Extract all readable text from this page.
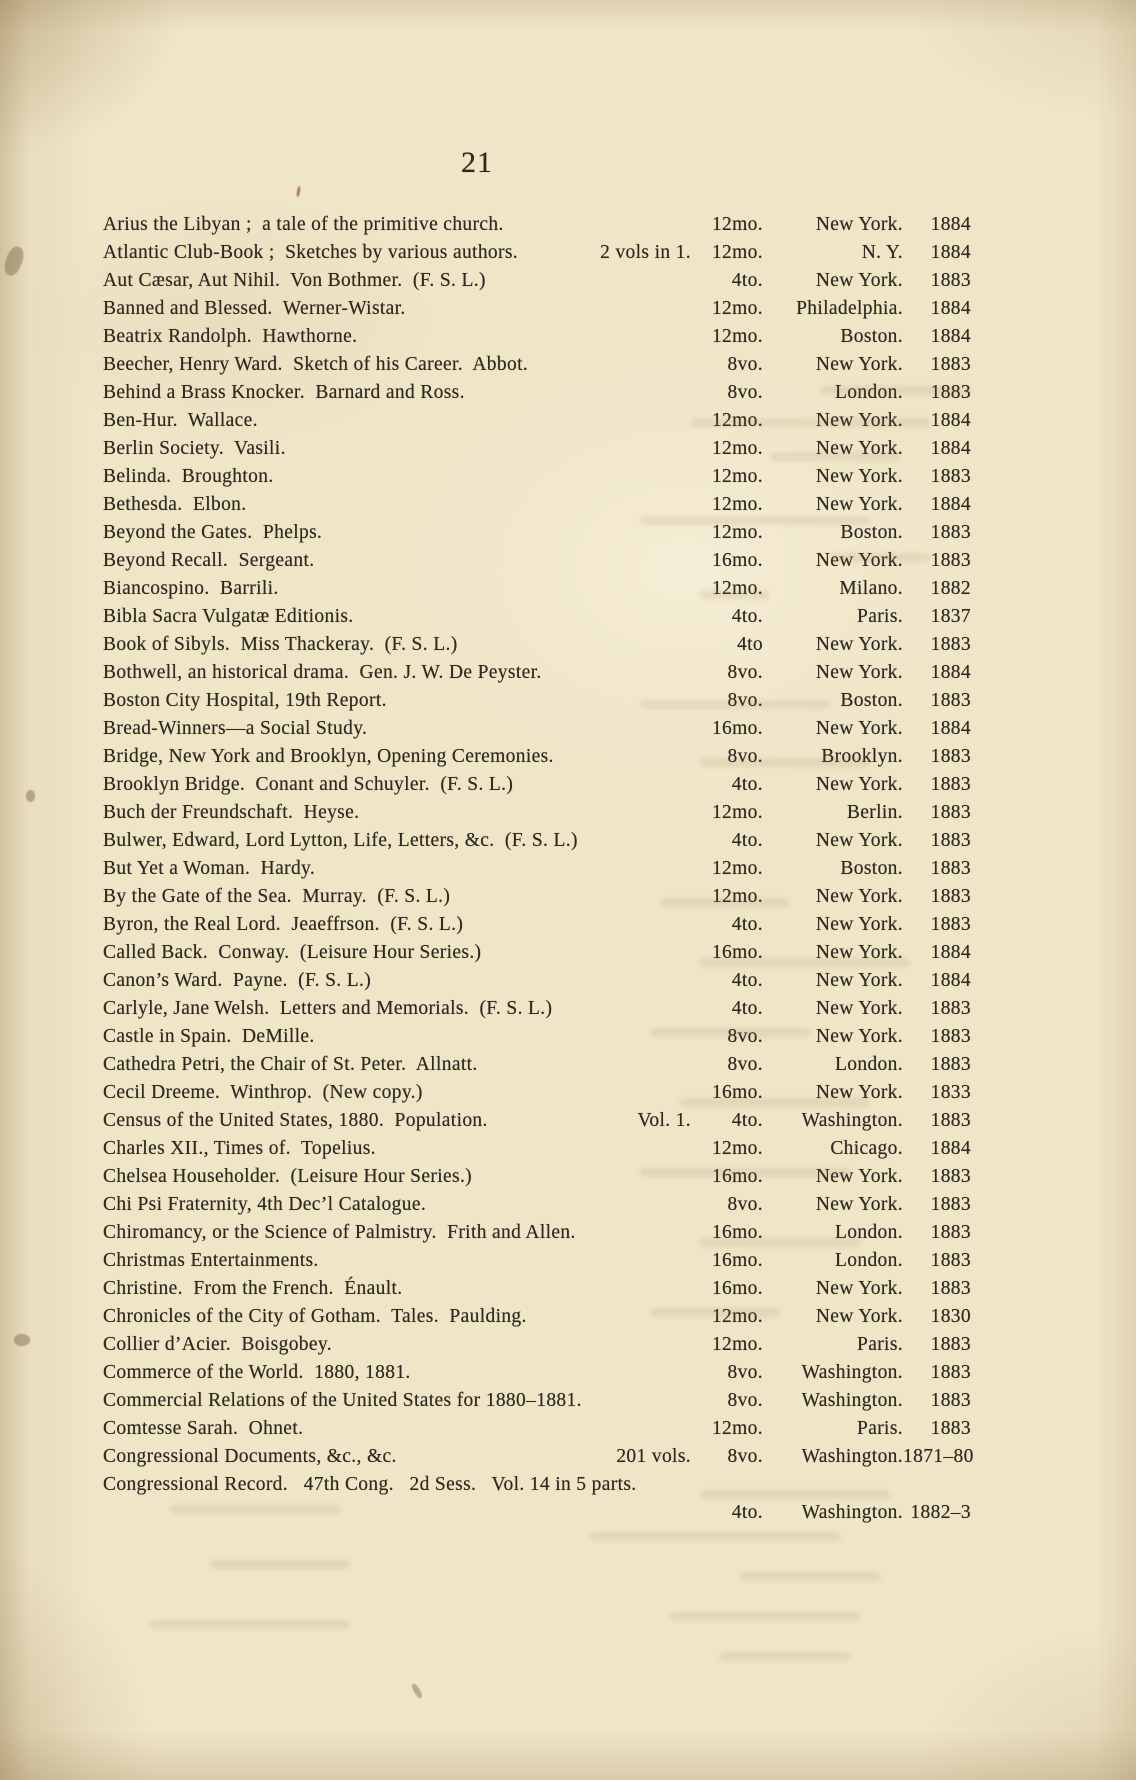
21
Arius the Libyan ;  a tale of the primitive church.	12mo.	New York.	1884
Atlantic Club-Book ;  Sketches by various authors.	2 vols in 1.	12mo.	N. Y.	1884
Aut Cæsar, Aut Nihil.  Von Bothmer.  (F. S. L.)	4to.	New York.	1883
Banned and Blessed.  Werner-Wistar.	12mo.	Philadelphia.	1884
Beatrix Randolph.  Hawthorne.	12mo.	Boston.	1884
Beecher, Henry Ward.  Sketch of his Career.  Abbot.	8vo.	New York.	1883
Behind a Brass Knocker.  Barnard and Ross.	8vo.	London.	1883
Ben-Hur.  Wallace.	12mo.	New York.	1884
Berlin Society.  Vasili.	12mo.	New York.	1884
Belinda.  Broughton.	12mo.	New York.	1883
Bethesda.  Elbon.	12mo.	New York.	1884
Beyond the Gates.  Phelps.	12mo.	Boston.	1883
Beyond Recall.  Sergeant.	16mo.	New York.	1883
Biancospino.  Barrili.	12mo.	Milano.	1882
Bibla Sacra Vulgatæ Editionis.	4to.	Paris.	1837
Book of Sibyls.  Miss Thackeray.  (F. S. L.)	4to	New York.	1883
Bothwell, an historical drama.  Gen. J. W. De Peyster.	8vo.	New York.	1884
Boston City Hospital, 19th Report.	8vo.	Boston.	1883
Bread-Winners—a Social Study.	16mo.	New York.	1884
Bridge, New York and Brooklyn, Opening Ceremonies.	8vo.	Brooklyn.	1883
Brooklyn Bridge.  Conant and Schuyler.  (F. S. L.)	4to.	New York.	1883
Buch der Freundschaft.  Heyse.	12mo.	Berlin.	1883
Bulwer, Edward, Lord Lytton, Life, Letters, &c.  (F. S. L.)	4to.	New York.	1883
But Yet a Woman.  Hardy.	12mo.	Boston.	1883
By the Gate of the Sea.  Murray.  (F. S. L.)	12mo.	New York.	1883
Byron, the Real Lord.  Jeaeffrson.  (F. S. L.)	4to.	New York.	1883
Called Back.  Conway.  (Leisure Hour Series.)	16mo.	New York.	1884
Canon’s Ward.  Payne.  (F. S. L.)	4to.	New York.	1884
Carlyle, Jane Welsh.  Letters and Memorials.  (F. S. L.)	4to.	New York.	1883
Castle in Spain.  DeMille.	8vo.	New York.	1883
Cathedra Petri, the Chair of St. Peter.  Allnatt.	8vo.	London.	1883
Cecil Dreeme.  Winthrop.  (New copy.)	16mo.	New York.	1833
Census of the United States, 1880.  Population.	Vol. 1.	4to.	Washington.	1883
Charles XII., Times of.  Topelius.	12mo.	Chicago.	1884
Chelsea Householder.  (Leisure Hour Series.)	16mo.	New York.	1883
Chi Psi Fraternity, 4th Dec’l Catalogue.	8vo.	New York.	1883
Chiromancy, or the Science of Palmistry.  Frith and Allen.	16mo.	London.	1883
Christmas Entertainments.	16mo.	London.	1883
Christine.  From the French.  Énault.	16mo.	New York.	1883
Chronicles of the City of Gotham.  Tales.  Paulding.	12mo.	New York.	1830
Collier d’Acier.  Boisgobey.	12mo.	Paris.	1883
Commerce of the World.  1880, 1881.	8vo.	Washington.	1883
Commercial Relations of the United States for 1880–1881.	8vo.	Washington.	1883
Comtesse Sarah.  Ohnet.	12mo.	Paris.	1883
Congressional Documents, &c., &c.	201 vols.	8vo.	Washington. 1871–80
Congressional Record.   47th Cong.   2d Sess.   Vol. 14 in 5 parts.
4to.	Washington. 1882–3
